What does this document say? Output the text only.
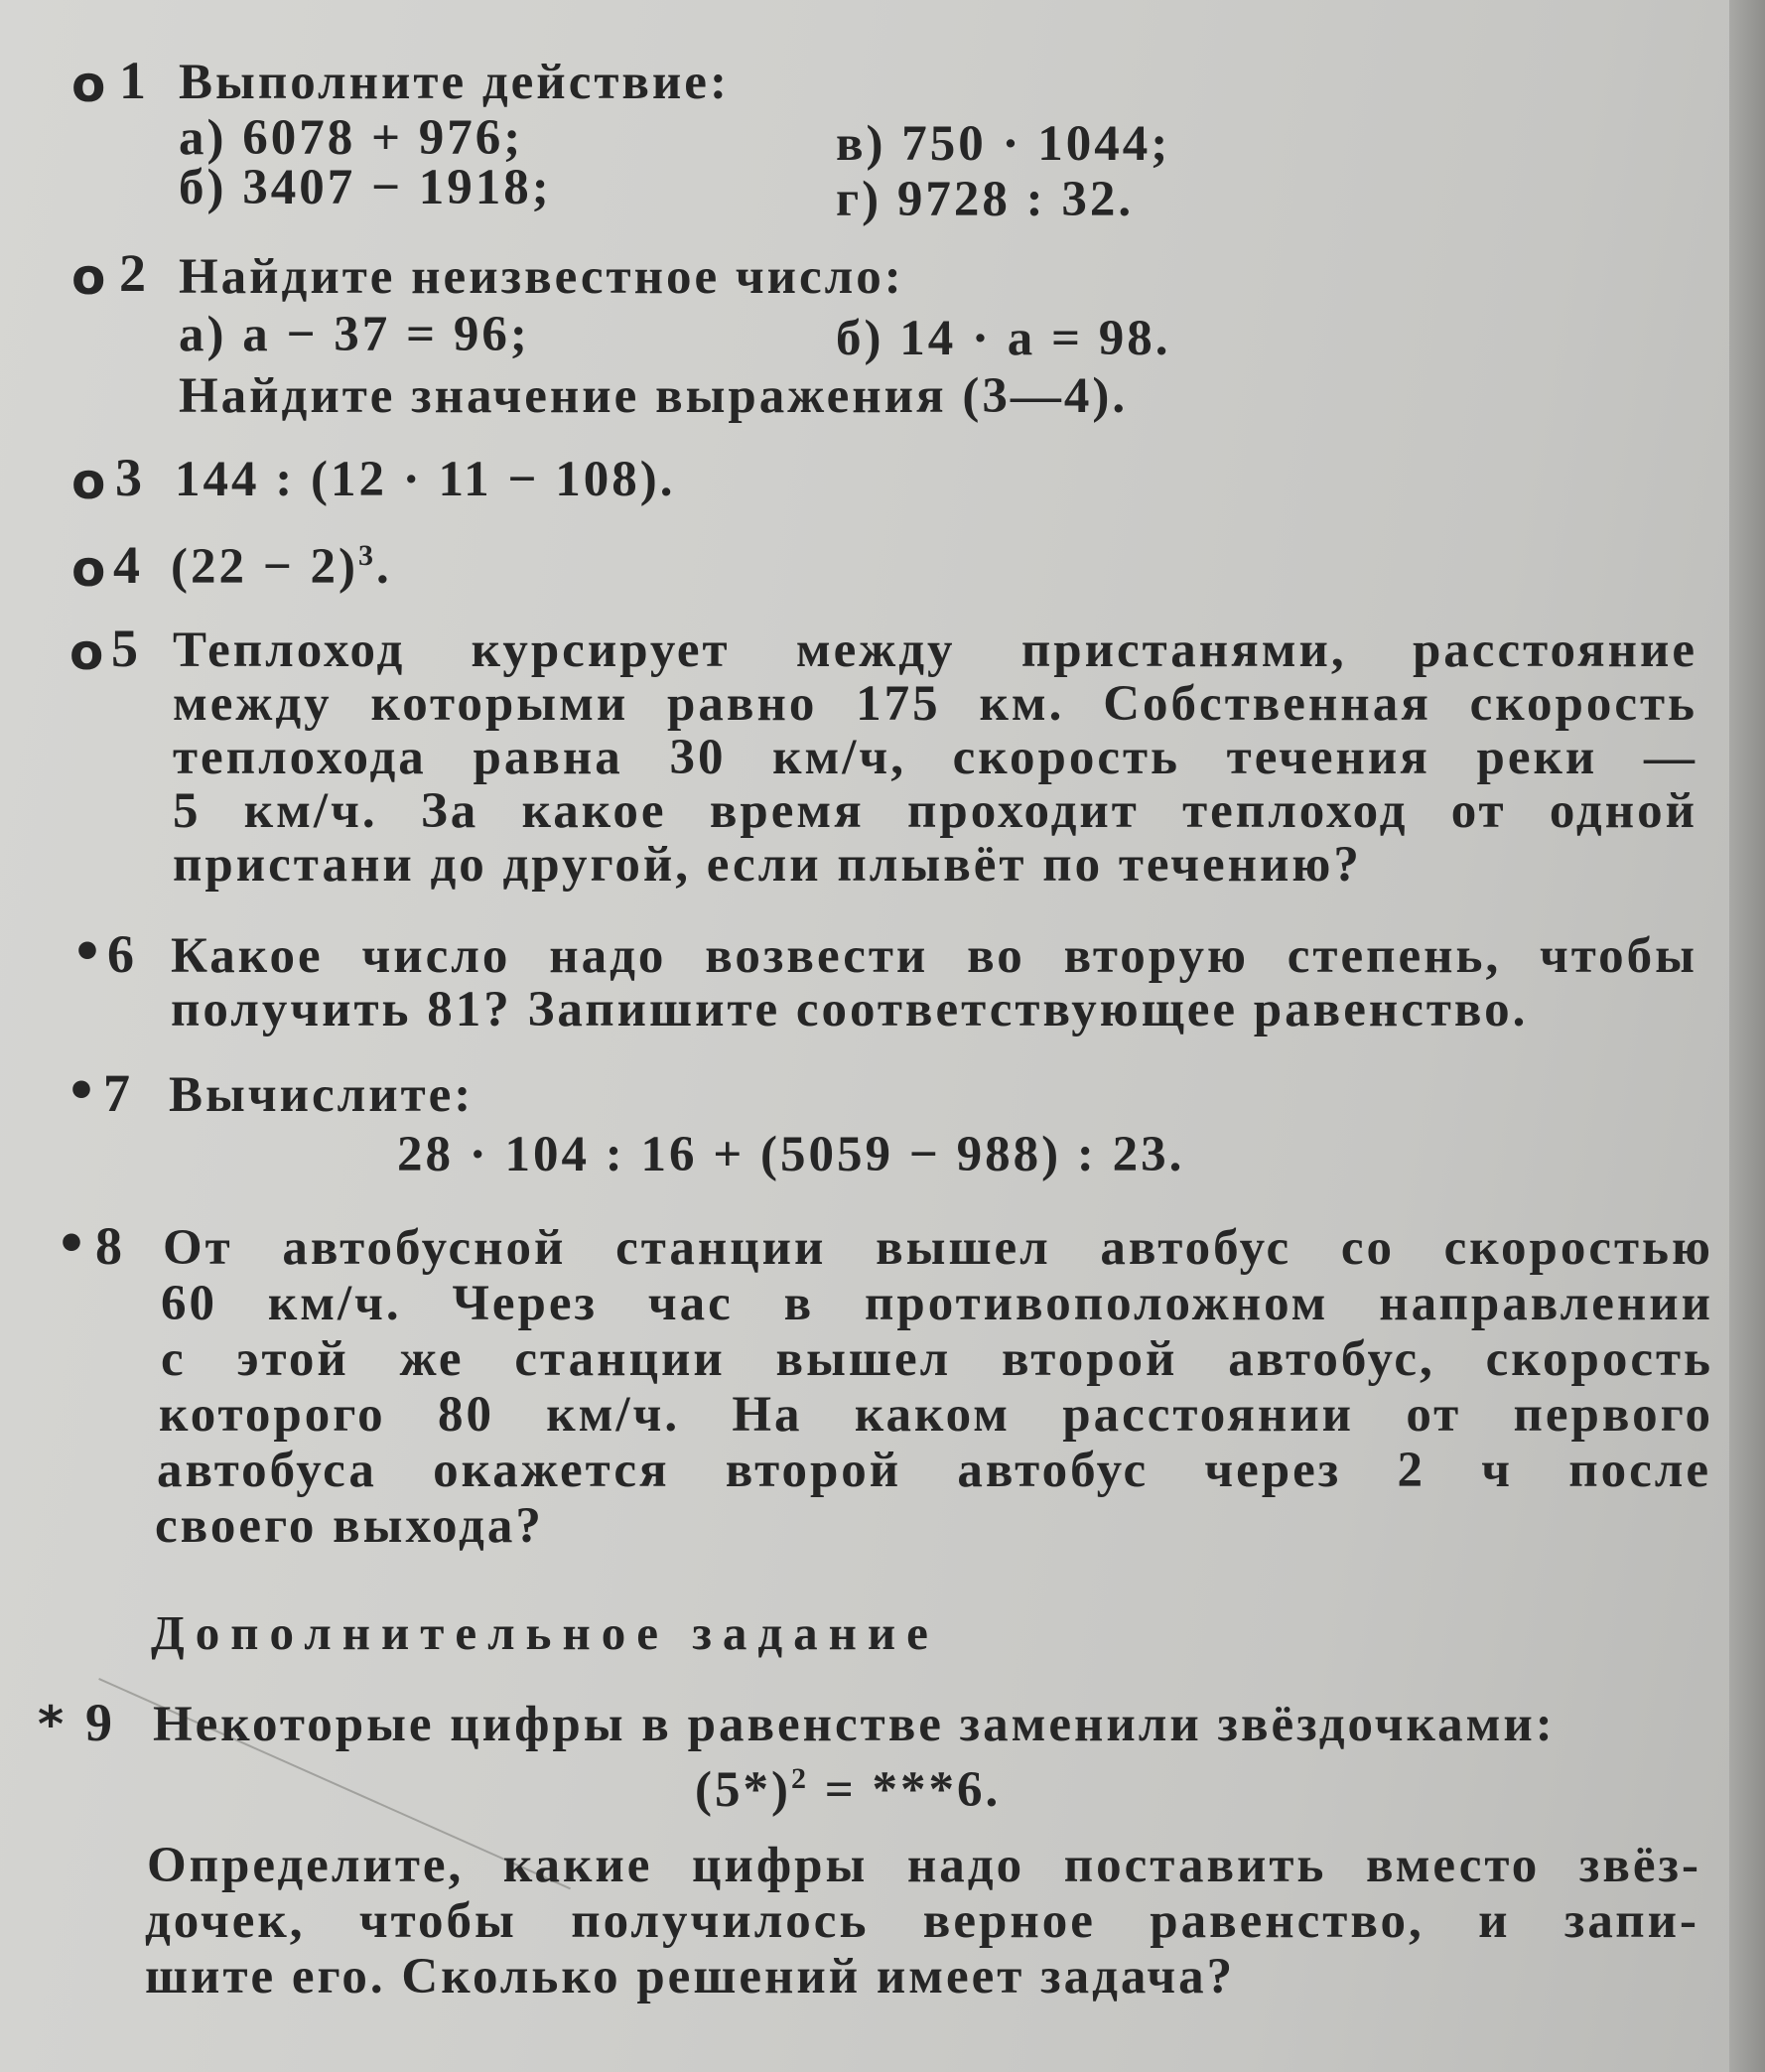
o 1 Выполните действие:
а) 6078 + 976;	в) 750 · 1044;
б) 3407 − 1918;	г) 9728 : 32.
o 2 Найдите неизвестное число:
а) a − 37 = 96;	б) 14 · a = 98.
Найдите значение выражения (3—4).
o 3 144 : (12 · 11 − 108).
o 4 $(22 - 2)^3$.
o 5 Теплоход курсирует между пристанями, расстояние
между которыми равно 175 км. Собственная скорость
теплохода равна 30 км/ч, скорость течения реки —
5 км/ч. За какое время проходит теплоход от одной
пристани до другой, если плывёт по течению?
• 6 Какое число надо возвести во вторую степень, чтобы
получить 81? Запишите соответствующее равенство.
• 7 Вычислите:
28 · 104 : 16 + (5059 − 988) : 23.
• 8 От автобусной станции вышел автобус со скоростью
60 км/ч. Через час в противоположном направлении
с этой же станции вышел второй автобус, скорость
которого 80 км/ч. На каком расстоянии от первого
автобуса окажется второй автобус через 2 ч после
своего выхода?
Дополнительное задание
* 9 Некоторые цифры в равенстве заменили звёздочками:
$(5*)^2 = ***6$.
Определите, какие цифры надо поставить вместо звёз-
дочек, чтобы получилось верное равенство, и запи-
шите его. Сколько решений имеет задача?
